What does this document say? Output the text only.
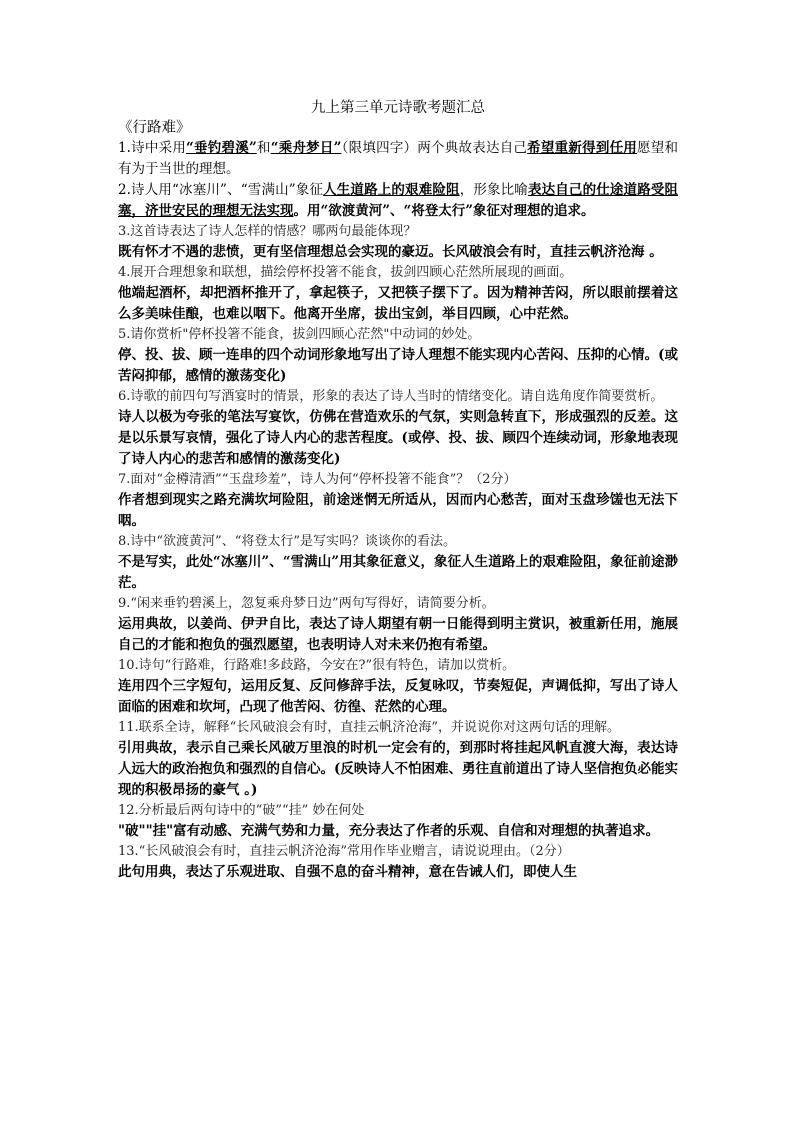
九上第三单元诗歌考题汇总

《行路难》

1.诗中采用“垂钓碧溪”和“乘舟梦日”（限填四字）两个典故表达自己希望重新得到任用愿望和有为于当世的理想。

2.诗人用“冰塞川”、“雪满山”象征人生道路上的艰难险阻，形象比喻表达自己的仕途道路受阻塞，济世安民的理想无法实现。用“欲渡黄河”、“将登太行”象征对理想的追求。

3.这首诗表达了诗人怎样的情感？哪两句最能体现？

既有怀才不遇的悲愤，更有坚信理想总会实现的豪迈。长风破浪会有时，直挂云帆济沧海 。

4.展开合理想象和联想，描绘停杯投箸不能食，拔剑四顾心茫然所展现的画面。

他端起酒杯，却把酒杯推开了，拿起筷子，又把筷子摆下了。因为精神苦闷，所以眼前摆着这么多美味佳酿，也难以咽下。他离开坐席，拔出宝剑，举目四顾，心中茫然。

5.请你赏析"停杯投箸不能食，拔剑四顾心茫然"中动词的妙处。

停、投、拔、顾一连串的四个动词形象地写出了诗人理想不能实现内心苦闷、压抑的心情。(或苦闷抑郁，感情的激荡变化)

6.诗歌的前四句写酒宴时的情景，形象的表达了诗人当时的情绪变化。请自选角度作简要赏析。

诗人以极为夸张的笔法写宴饮，仿佛在营造欢乐的气氛，实则急转直下，形成强烈的反差。这是以乐景写哀情，强化了诗人内心的悲苦程度。(或停、投、拔、顾四个连续动词，形象地表现了诗人内心的悲苦和感情的激荡变化)

7.面对“金樽清酒”“玉盘珍羞”，诗人为何“停杯投箸不能食”？（2分）

作者想到现实之路充满坎坷险阻，前途迷惘无所适从，因而内心愁苦，面对玉盘珍馐也无法下咽。

8.诗中“欲渡黄河”、“将登太行”是写实吗？谈谈你的看法。

不是写实，此处“冰塞川”、“雪满山”用其象征意义，象征人生道路上的艰难险阻，象征前途渺茫。

9.“闲来垂钓碧溪上，忽复乘舟梦日边”两句写得好，请简要分析。

运用典故，以姜尚、伊尹自比，表达了诗人期望有朝一日能得到明主赏识，被重新任用，施展自己的才能和抱负的强烈愿望，也表明诗人对未来仍抱有希望。

10.诗句“行路难，行路难!多歧路，今安在?”很有特色，请加以赏析。

连用四个三字短句，运用反复、反问修辞手法，反复咏叹，节奏短促，声调低抑，写出了诗人面临的困难和坎坷，凸现了他苦闷、彷徨、茫然的心理。

11.联系全诗，解释“长风破浪会有时，直挂云帆济沧海”，并说说你对这两句话的理解。

引用典故，表示自己乘长风破万里浪的时机一定会有的，到那时将挂起风帆直渡大海，表达诗人远大的政治抱负和强烈的自信心。(反映诗人不怕困难、勇往直前道出了诗人坚信抱负必能实现的积极昂扬的豪气 。)

12.分析最后两句诗中的“破”“挂” 妙在何处

"破""挂"富有动感、充满气势和力量，充分表达了作者的乐观、自信和对理想的执著追求。

13.“长风破浪会有时，直挂云帆济沧海”常用作毕业赠言，请说说理由。（2分）

此句用典，表达了乐观进取、自强不息的奋斗精神，意在告诫人们，即使人生
